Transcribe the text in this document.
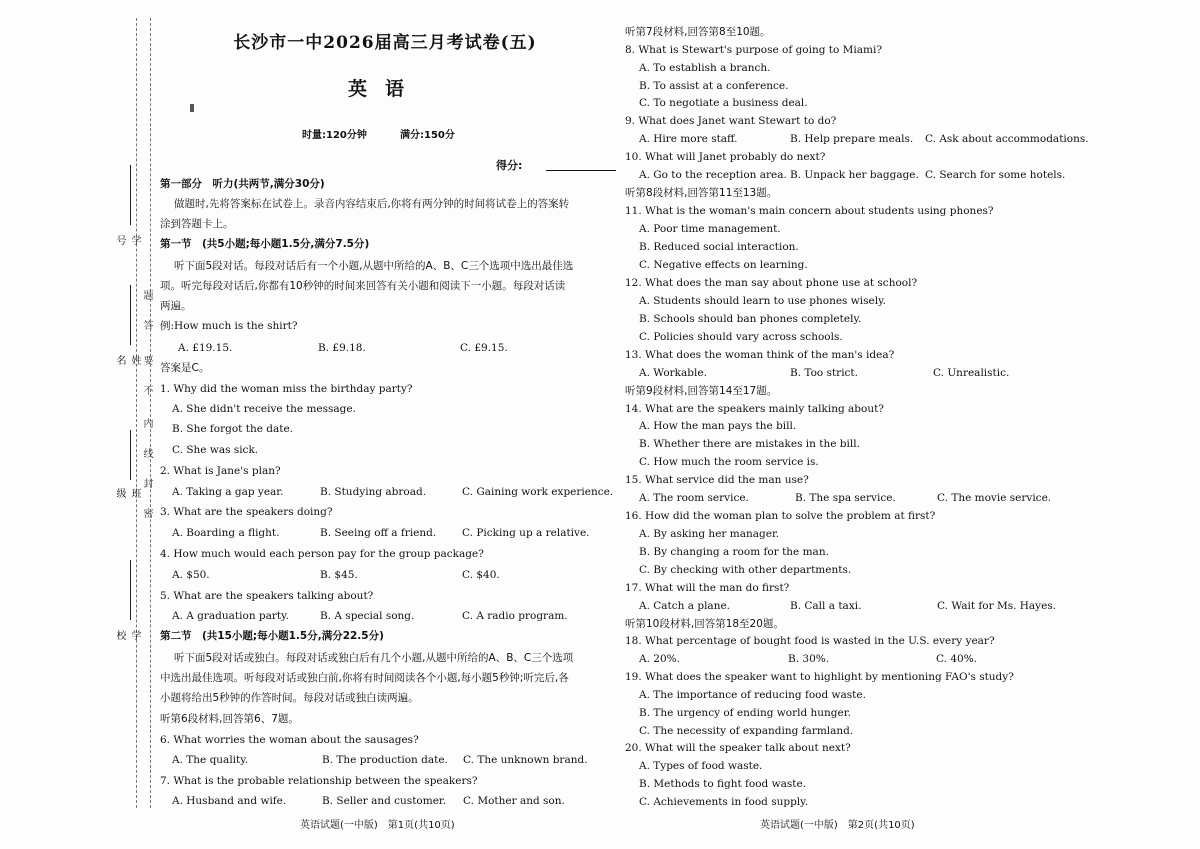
题

答
要
不
内
线
封
密
学号
姓名
班级
学校
长沙市一中2026届高三月考试卷(五)
英语
时量:120分钟	满分:150分
得分:
第一部分　听力(共两节,满分30分)
做题时,先将答案标在试卷上。录音内容结束后,你将有两分钟的时间将试卷上的答案转
涂到答题卡上。
第一节　(共5小题;每小题1.5分,满分7.5分)
听下面5段对话。每段对话后有一个小题,从题中所给的A、B、C三个选项中选出最佳选
项。听完每段对话后,你都有10秒钟的时间来回答有关小题和阅读下一小题。每段对话读
两遍。
例:How much is the shirt?
A. £19.15.	B. £9.18.	C. £9.15.
答案是C。
1. Why did the woman miss the birthday party?
A. She didn't receive the message.
B. She forgot the date.
C. She was sick.
2. What is Jane's plan?
A. Taking a gap year.	B. Studying abroad.	C. Gaining work experience.
3. What are the speakers doing?
A. Boarding a flight.	B. Seeing off a friend. C. Picking up a relative.
4. How much would each person pay for the group package?
A. $50.	B. $45.	C. $40.
5. What are the speakers talking about?
A. A graduation party.	B. A special song.	C. A radio program.
第二节　(共15小题;每小题1.5分,满分22.5分)
听下面5段对话或独白。每段对话或独白后有几个小题,从题中所给的A、B、C三个选项
中选出最佳选项。听每段对话或独白前,你将有时间阅读各个小题,每小题5秒钟;听完后,各
小题将给出5秒钟的作答时间。每段对话或独白读两遍。
听第6段材料,回答第6、7题。
6. What worries the woman about the sausages?
A. The quality.	B. The production date. C. The unknown brand.
7. What is the probable relationship between the speakers?
A. Husband and wife.	B. Seller and customer. C. Mother and son.
英语试题(一中版)　第1页(共10页)
听第7段材料,回答第8至10题。
8. What is Stewart's purpose of going to Miami?
A. To establish a branch.
B. To assist at a conference.
C. To negotiate a business deal.
9. What does Janet want Stewart to do?
A. Hire more staff.	B. Help prepare meals. C. Ask about accommodations.
10. What will Janet probably do next?
A. Go to the reception area. B. Unpack her baggage. C. Search for some hotels.
听第8段材料,回答第11至13题。
11. What is the woman's main concern about students using phones?
A. Poor time management.
B. Reduced social interaction.
C. Negative effects on learning.
12. What does the man say about phone use at school?
A. Students should learn to use phones wisely.
B. Schools should ban phones completely.
C. Policies should vary across schools.
13. What does the woman think of the man's idea?
A. Workable.	B. Too strict.	C. Unrealistic.
听第9段材料,回答第14至17题。
14. What are the speakers mainly talking about?
A. How the man pays the bill.
B. Whether there are mistakes in the bill.
C. How much the room service is.
15. What service did the man use?
A. The room service.	B. The spa service.	C. The movie service.
16. How did the woman plan to solve the problem at first?
A. By asking her manager.
B. By changing a room for the man.
C. By checking with other departments.
17. What will the man do first?
A. Catch a plane.	B. Call a taxi.	C. Wait for Ms. Hayes.
听第10段材料,回答第18至20题。
18. What percentage of bought food is wasted in the U.S. every year?
A. 20%.	B. 30%.	C. 40%.
19. What does the speaker want to highlight by mentioning FAO's study?
A. The importance of reducing food waste.
B. The urgency of ending world hunger.
C. The necessity of expanding farmland.
20. What will the speaker talk about next?
A. Types of food waste.
B. Methods to fight food waste.
C. Achievements in food supply.
英语试题(一中版)　第2页(共10页)
